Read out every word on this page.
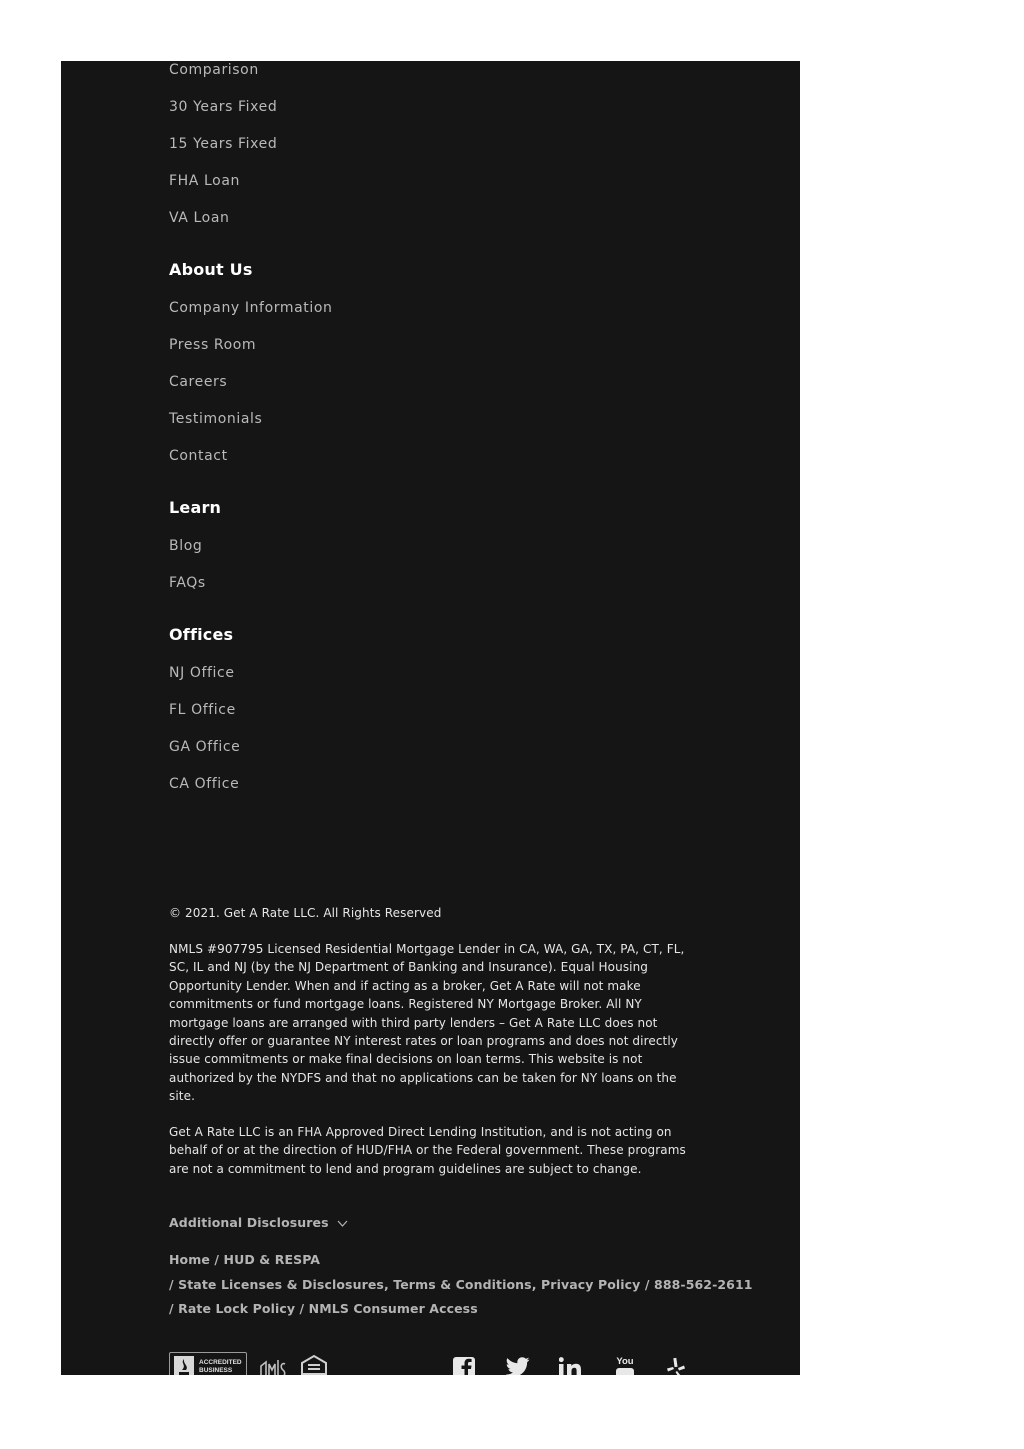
Comparison
30 Years Fixed
15 Years Fixed
FHA Loan
VA Loan
About Us
Company Information
Press Room
Careers
Testimonials
Contact
Learn
Blog
FAQs
Offices
NJ Office
FL Office
GA Office
CA Office

© 2021. Get A Rate LLC. All Rights Reserved

NMLS #907795 Licensed Residential Mortgage Lender in CA, WA, GA, TX, PA, CT, FL, SC, IL and NJ (by the NJ Department of Banking and Insurance). Equal Housing Opportunity Lender. When and if acting as a broker, Get A Rate will not make commitments or fund mortgage loans. Registered NY Mortgage Broker. All NY mortgage loans are arranged with third party lenders – Get A Rate LLC does not directly offer or guarantee NY interest rates or loan programs and does not directly issue commitments or make final decisions on loan terms. This website is not authorized by the NYDFS and that no applications can be taken for NY loans on the site.

Get A Rate LLC is an FHA Approved Direct Lending Institution, and is not acting on behalf of or at the direction of HUD/FHA or the Federal government. These programs are not a commitment to lend and program guidelines are subject to change.

Additional Disclosures
Home / HUD & RESPA
/ State Licenses & Disclosures, Terms & Conditions, Privacy Policy / 888-562-2611
/ Rate Lock Policy / NMLS Consumer Access
ACCREDITED
BUSINESS
You
